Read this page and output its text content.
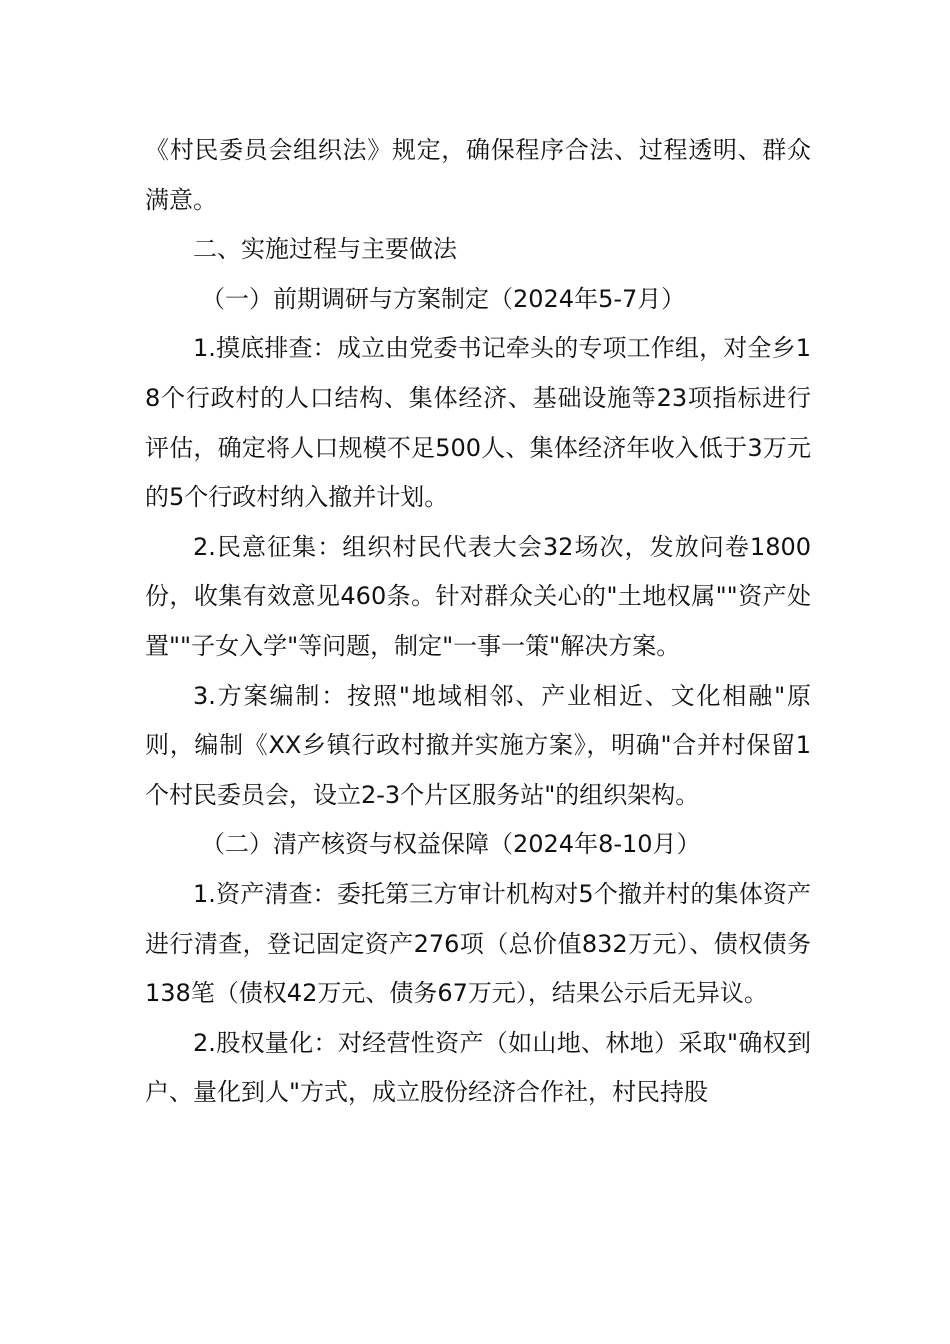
《村民委员会组织法》规定，确保程序合法、过程透明、群众满意。

二、实施过程与主要做法

（一）前期调研与方案制定（2024年5-7月）

1.摸底排查：成立由党委书记牵头的专项工作组，对全乡18个行政村的人口结构、集体经济、基础设施等23项指标进行评估，确定将人口规模不足500人、集体经济年收入低于3万元的5个行政村纳入撤并计划。

2.民意征集：组织村民代表大会32场次，发放问卷1800份，收集有效意见460条。针对群众关心的"土地权属""资产处置""子女入学"等问题，制定"一事一策"解决方案。

3.方案编制：按照"地域相邻、产业相近、文化相融"原则，编制《XX乡镇行政村撤并实施方案》，明确"合并村保留1个村民委员会，设立2-3个片区服务站"的组织架构。

（二）清产核资与权益保障（2024年8-10月）

1.资产清查：委托第三方审计机构对5个撤并村的集体资产进行清查，登记固定资产276项（总价值832万元）、债权债务138笔（债权42万元、债务67万元），结果公示后无异议。

2.股权量化：对经营性资产（如山地、林地）采取"确权到户、量化到人"方式，成立股份经济合作社，村民持股
